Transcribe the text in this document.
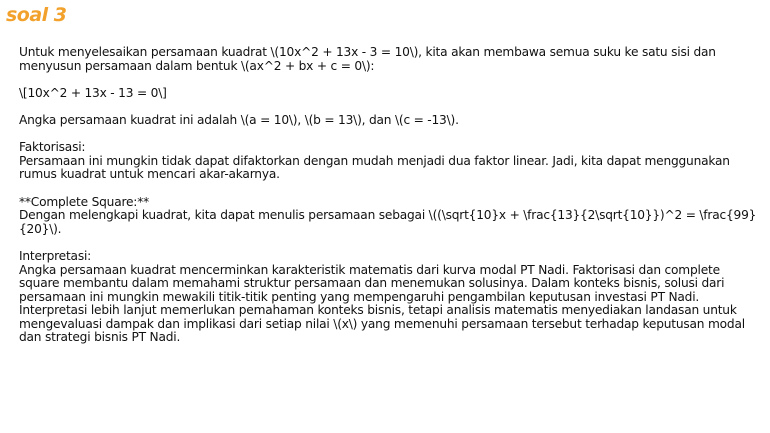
soal 3

Untuk menyelesaikan persamaan kuadrat \(10x^2 + 13x - 3 = 10\), kita akan membawa semua suku ke satu sisi dan menyusun persamaan dalam bentuk \(ax^2 + bx + c = 0\):

\[10x^2 + 13x - 13 = 0\]

Angka persamaan kuadrat ini adalah \(a = 10\), \(b = 13\), dan \(c = -13\).

Faktorisasi:

Persamaan ini mungkin tidak dapat difaktorkan dengan mudah menjadi dua faktor linear. Jadi, kita dapat menggunakan rumus kuadrat untuk mencari akar-akarnya.

**Complete Square:**

Dengan melengkapi kuadrat, kita dapat menulis persamaan sebagai \((\sqrt{10}x + \frac{13}{2\sqrt{10}})^2 = \frac{99}{20}\).

Interpretasi:

Angka persamaan kuadrat mencerminkan karakteristik matematis dari kurva modal PT Nadi. Faktorisasi dan complete square membantu dalam memahami struktur persamaan dan menemukan solusinya. Dalam konteks bisnis, solusi dari persamaan ini mungkin mewakili titik-titik penting yang mempengaruhi pengambilan keputusan investasi PT Nadi. Interpretasi lebih lanjut memerlukan pemahaman konteks bisnis, tetapi analisis matematis menyediakan landasan untuk mengevaluasi dampak dan implikasi dari setiap nilai \(x\) yang memenuhi persamaan tersebut terhadap keputusan modal dan strategi bisnis PT Nadi.
